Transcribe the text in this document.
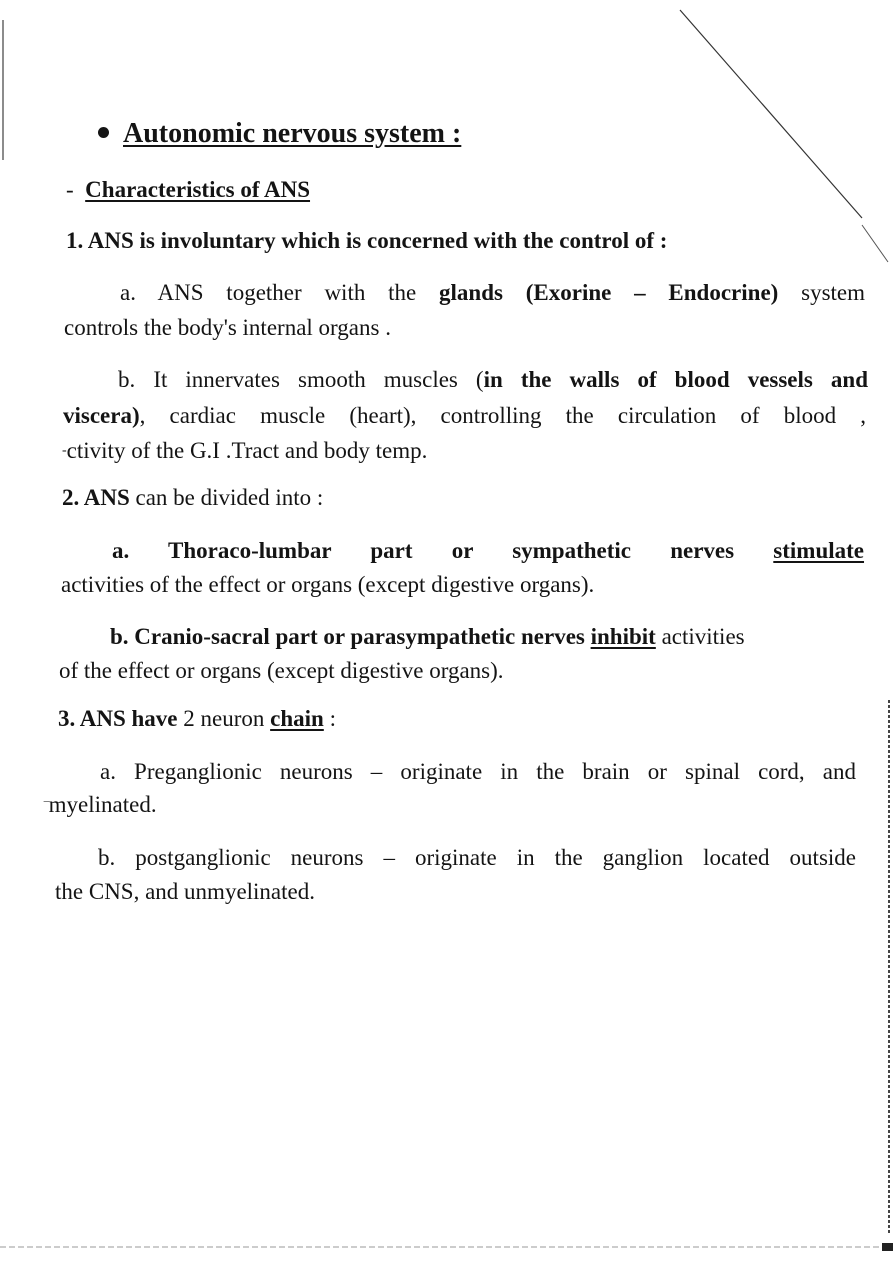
Autonomic nervous system :
- Characteristics of ANS
1. ANS is involuntary which is concerned with the control of :
a. ANS together with the glands (Exorine – Endocrine) system
controls the body's internal organs .
b. It innervates smooth muscles (in the walls of blood vessels and
viscera), cardiac muscle (heart), controlling the circulation of blood ,
-ctivity of the G.I .Tract and body temp.
2. ANS can be divided into :
a. Thoraco-lumbar part or sympathetic nerves stimulate
activities of the effect or organs (except digestive organs).
b. Cranio-sacral part or parasympathetic nerves inhibit activities
of the effect or organs (except digestive organs).
3. ANS have 2 neuron chain :
a. Preganglionic neurons – originate in the brain or spinal cord, and
‾myelinated.
b. postganglionic neurons – originate in the ganglion located outside
the CNS, and unmyelinated.
